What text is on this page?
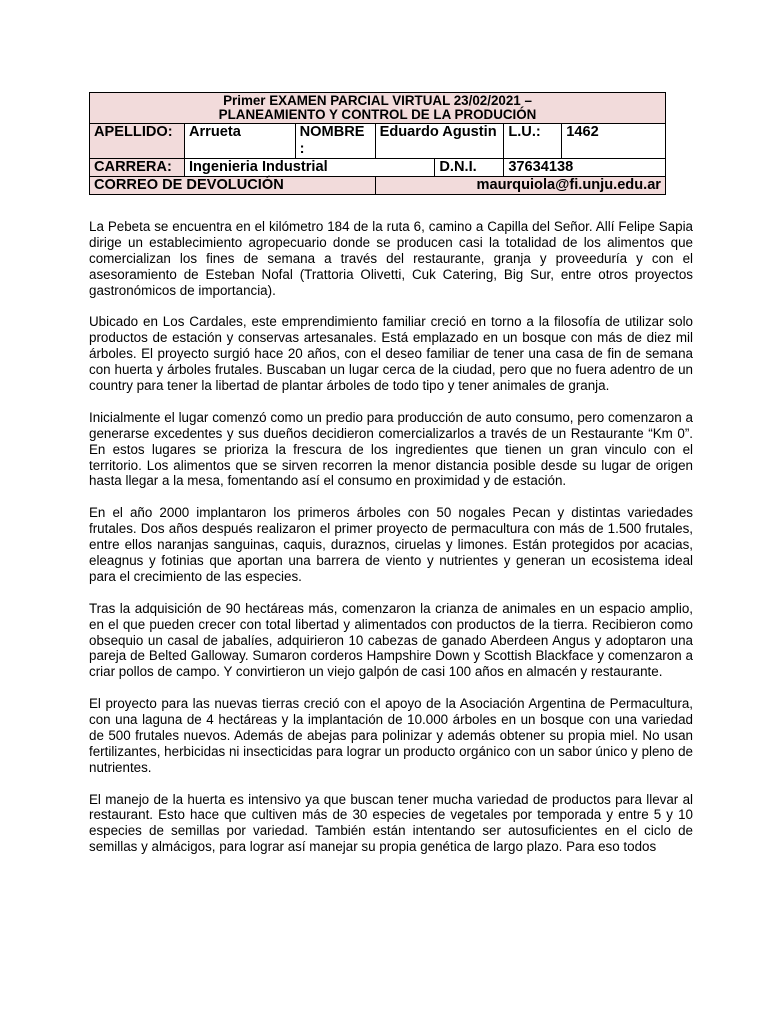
Primer EXAMEN PARCIAL VIRTUAL 23/02/2021 –
PLANEAMIENTO Y CONTROL DE LA PRODUCIÓN						

APELLIDO:	Arrueta	NOMBRE :	Eduardo Agustin		L.U.:	1462
CARRERA:	Ingenieria Industrial			D.N.I.	37634138	
CORREO DE DEVOLUCIÓN			maurquiola@fi.unju.edu.ar			

La Pebeta se encuentra en el kilómetro 184 de la ruta 6, camino a Capilla del Señor. Allí Felipe Sapia dirige un establecimiento agropecuario donde se producen casi la totalidad de los alimentos que comercializan los fines de semana a través del restaurante, granja y proveeduría y con el asesoramiento de Esteban Nofal (Trattoria Olivetti, Cuk Catering, Big Sur, entre otros proyectos gastronómicos de importancia).

Ubicado en Los Cardales, este emprendimiento familiar creció en torno a la filosofía de utilizar solo productos de estación y conservas artesanales. Está emplazado en un bosque con más de diez mil árboles. El proyecto surgió hace 20 años, con el deseo familiar de tener una casa de fin de semana con huerta y árboles frutales. Buscaban un lugar cerca de la ciudad, pero que no fuera adentro de un country para tener la libertad de plantar árboles de todo tipo y tener animales de granja.

Inicialmente el lugar comenzó como un predio para producción de auto consumo, pero comenzaron a generarse excedentes y sus dueños decidieron comercializarlos a través de un Restaurante “Km 0”. En estos lugares se prioriza la frescura de los ingredientes que tienen un gran vinculo con el territorio. Los alimentos que se sirven recorren la menor distancia posible desde su lugar de origen hasta llegar a la mesa, fomentando así el consumo en proximidad y de estación.

En el año 2000 implantaron los primeros árboles con 50 nogales Pecan y distintas variedades frutales. Dos años después realizaron el primer proyecto de permacultura con más de 1.500 frutales, entre ellos naranjas sanguinas, caquis, duraznos, ciruelas y limones. Están protegidos por acacias, eleagnus y fotinias que aportan una barrera de viento y nutrientes y generan un ecosistema ideal para el crecimiento de las especies.

Tras la adquisición de 90 hectáreas más, comenzaron la crianza de animales en un espacio amplio, en el que pueden crecer con total libertad y alimentados con productos de la tierra. Recibieron como obsequio un casal de jabalíes, adquirieron 10 cabezas de ganado Aberdeen Angus y adoptaron una pareja de Belted Galloway. Sumaron corderos Hampshire Down y Scottish Blackface y comenzaron a criar pollos de campo. Y convirtieron un viejo galpón de casi 100 años en almacén y restaurante.

El proyecto para las nuevas tierras creció con el apoyo de la Asociación Argentina de Permacultura, con una laguna de 4 hectáreas y la implantación de 10.000 árboles en un bosque con una variedad de 500 frutales nuevos. Además de abejas para polinizar y además obtener su propia miel. No usan fertilizantes, herbicidas ni insecticidas para lograr un producto orgánico con un sabor único y pleno de nutrientes.

El manejo de la huerta es intensivo ya que buscan tener mucha variedad de productos para llevar al restaurant. Esto hace que cultiven más de 30 especies de vegetales por temporada y entre 5 y 10 especies de semillas por variedad. También están intentando ser autosuficientes en el ciclo de semillas y almácigos, para lograr así manejar su propia genética de largo plazo. Para eso todos
